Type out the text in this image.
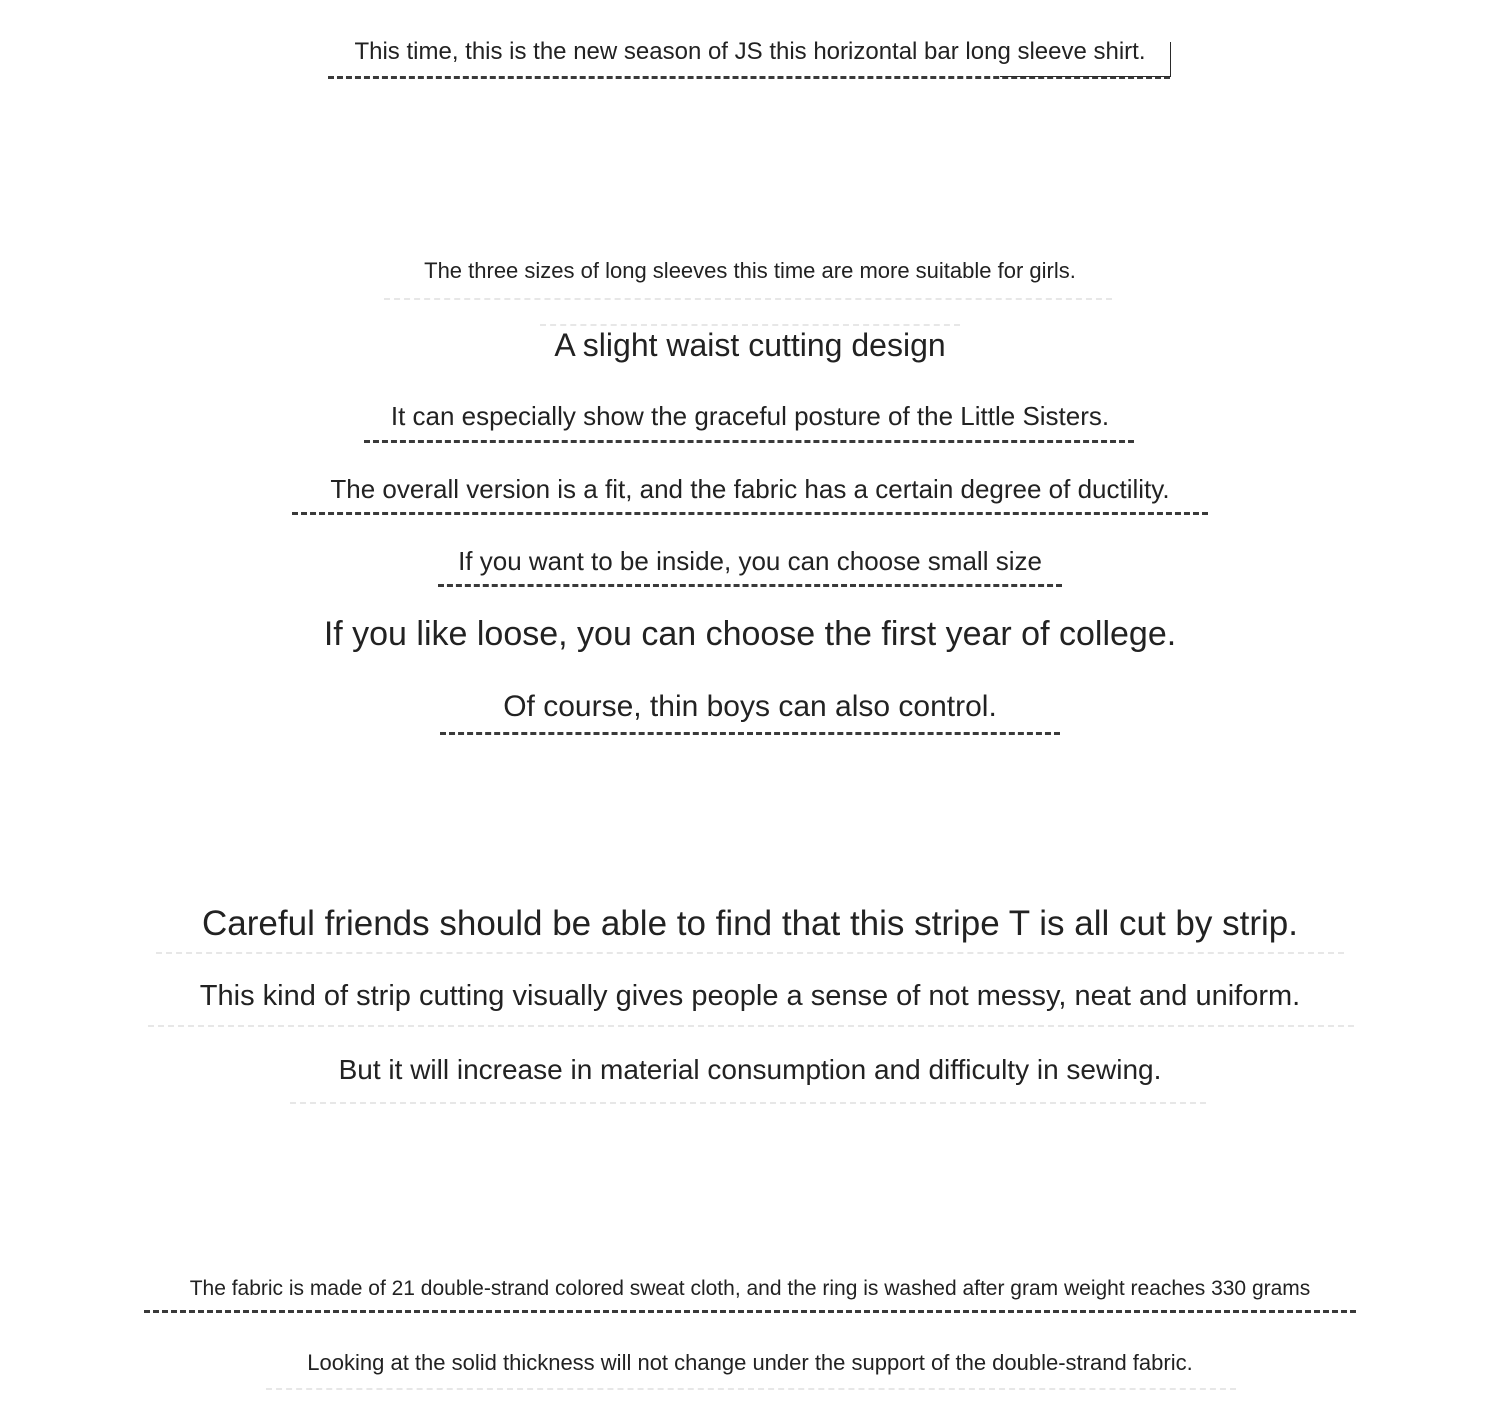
This time, this is the new season of JS this horizontal bar long sleeve shirt.
The three sizes of long sleeves this time are more suitable for girls.
A slight waist cutting design
It can especially show the graceful posture of the Little Sisters.
The overall version is a fit, and the fabric has a certain degree of ductility.
If you want to be inside, you can choose small size
If you like loose, you can choose the first year of college.
Of course, thin boys can also control.
Careful friends should be able to find that this stripe T is all cut by strip.
This kind of strip cutting visually gives people a sense of not messy, neat and uniform.
But it will increase in material consumption and difficulty in sewing.
The fabric is made of 21 double-strand colored sweat cloth, and the ring is washed after gram weight reaches 330 grams
Looking at the solid thickness will not change under the support of the double-strand fabric.
